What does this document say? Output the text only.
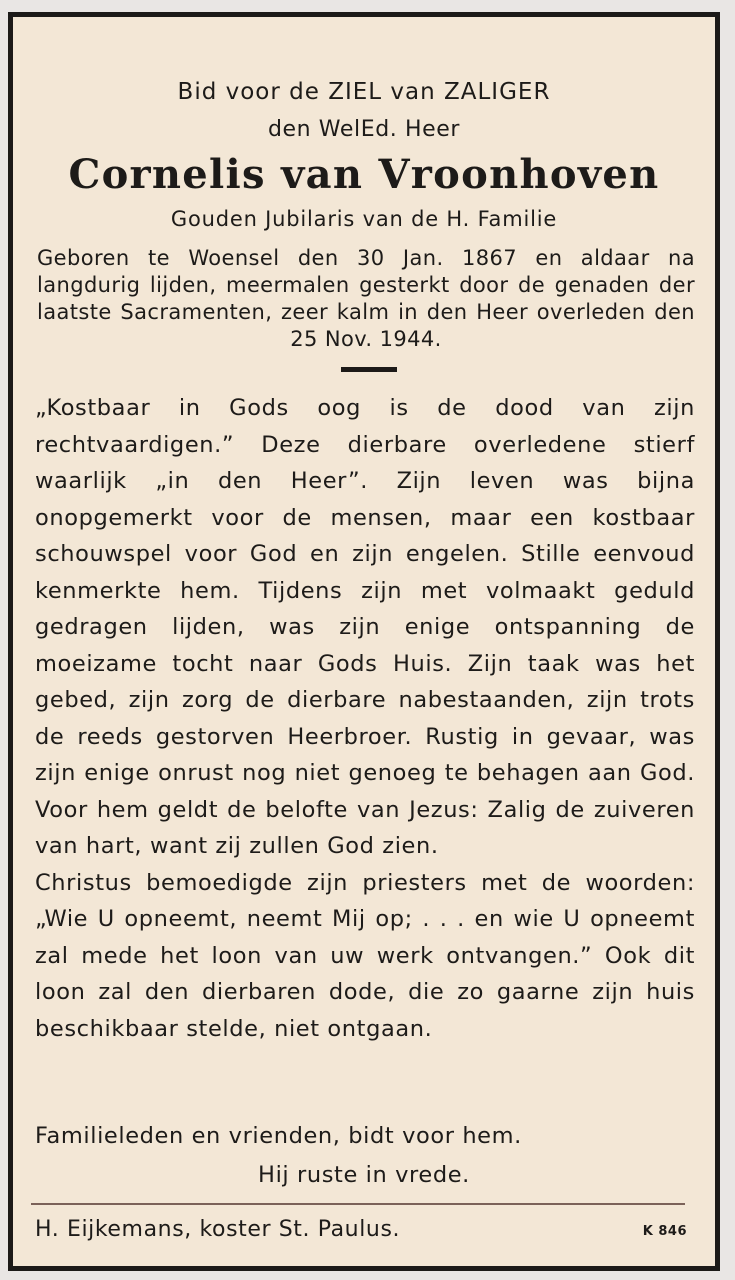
Bid voor de ZIEL van ZALIGER
den WelEd. Heer
Cornelis van Vroonhoven
Gouden Jubilaris van de H. Familie
Geboren te Woensel den 30 Jan. 1867 en aldaar na langdurig lijden, meermalen gesterkt door de genaden der laatste Sacramenten, zeer kalm in den Heer overleden den 25 Nov. 1944.

„Kostbaar in Gods oog is de dood van zijn rechtvaardigen.” Deze dierbare overledene stierf waarlijk „in den Heer”. Zijn leven was bijna onopgemerkt voor de mensen, maar een kostbaar schouwspel voor God en zijn engelen. Stille eenvoud kenmerkte hem. Tijdens zijn met volmaakt geduld gedragen lijden, was zijn enige ontspanning de moeizame tocht naar Gods Huis. Zijn taak was het gebed, zijn zorg de dierbare nabestaanden, zijn trots de reeds gestorven Heerbroer. Rustig in gevaar, was zijn enige onrust nog niet genoeg te behagen aan God. Voor hem geldt de belofte van Jezus: Zalig de zuiveren van hart, want zij zullen God zien.

Christus bemoedigde zijn priesters met de woorden: „Wie U opneemt, neemt Mij op; . . . en wie U opneemt zal mede het loon van uw werk ontvangen.” Ook dit loon zal den dierbaren dode, die zo gaarne zijn huis beschikbaar stelde, niet ontgaan.

Familieleden en vrienden, bidt voor hem.
Hij ruste in vrede.
H. Eijkemans, koster St. Paulus.	K 846
